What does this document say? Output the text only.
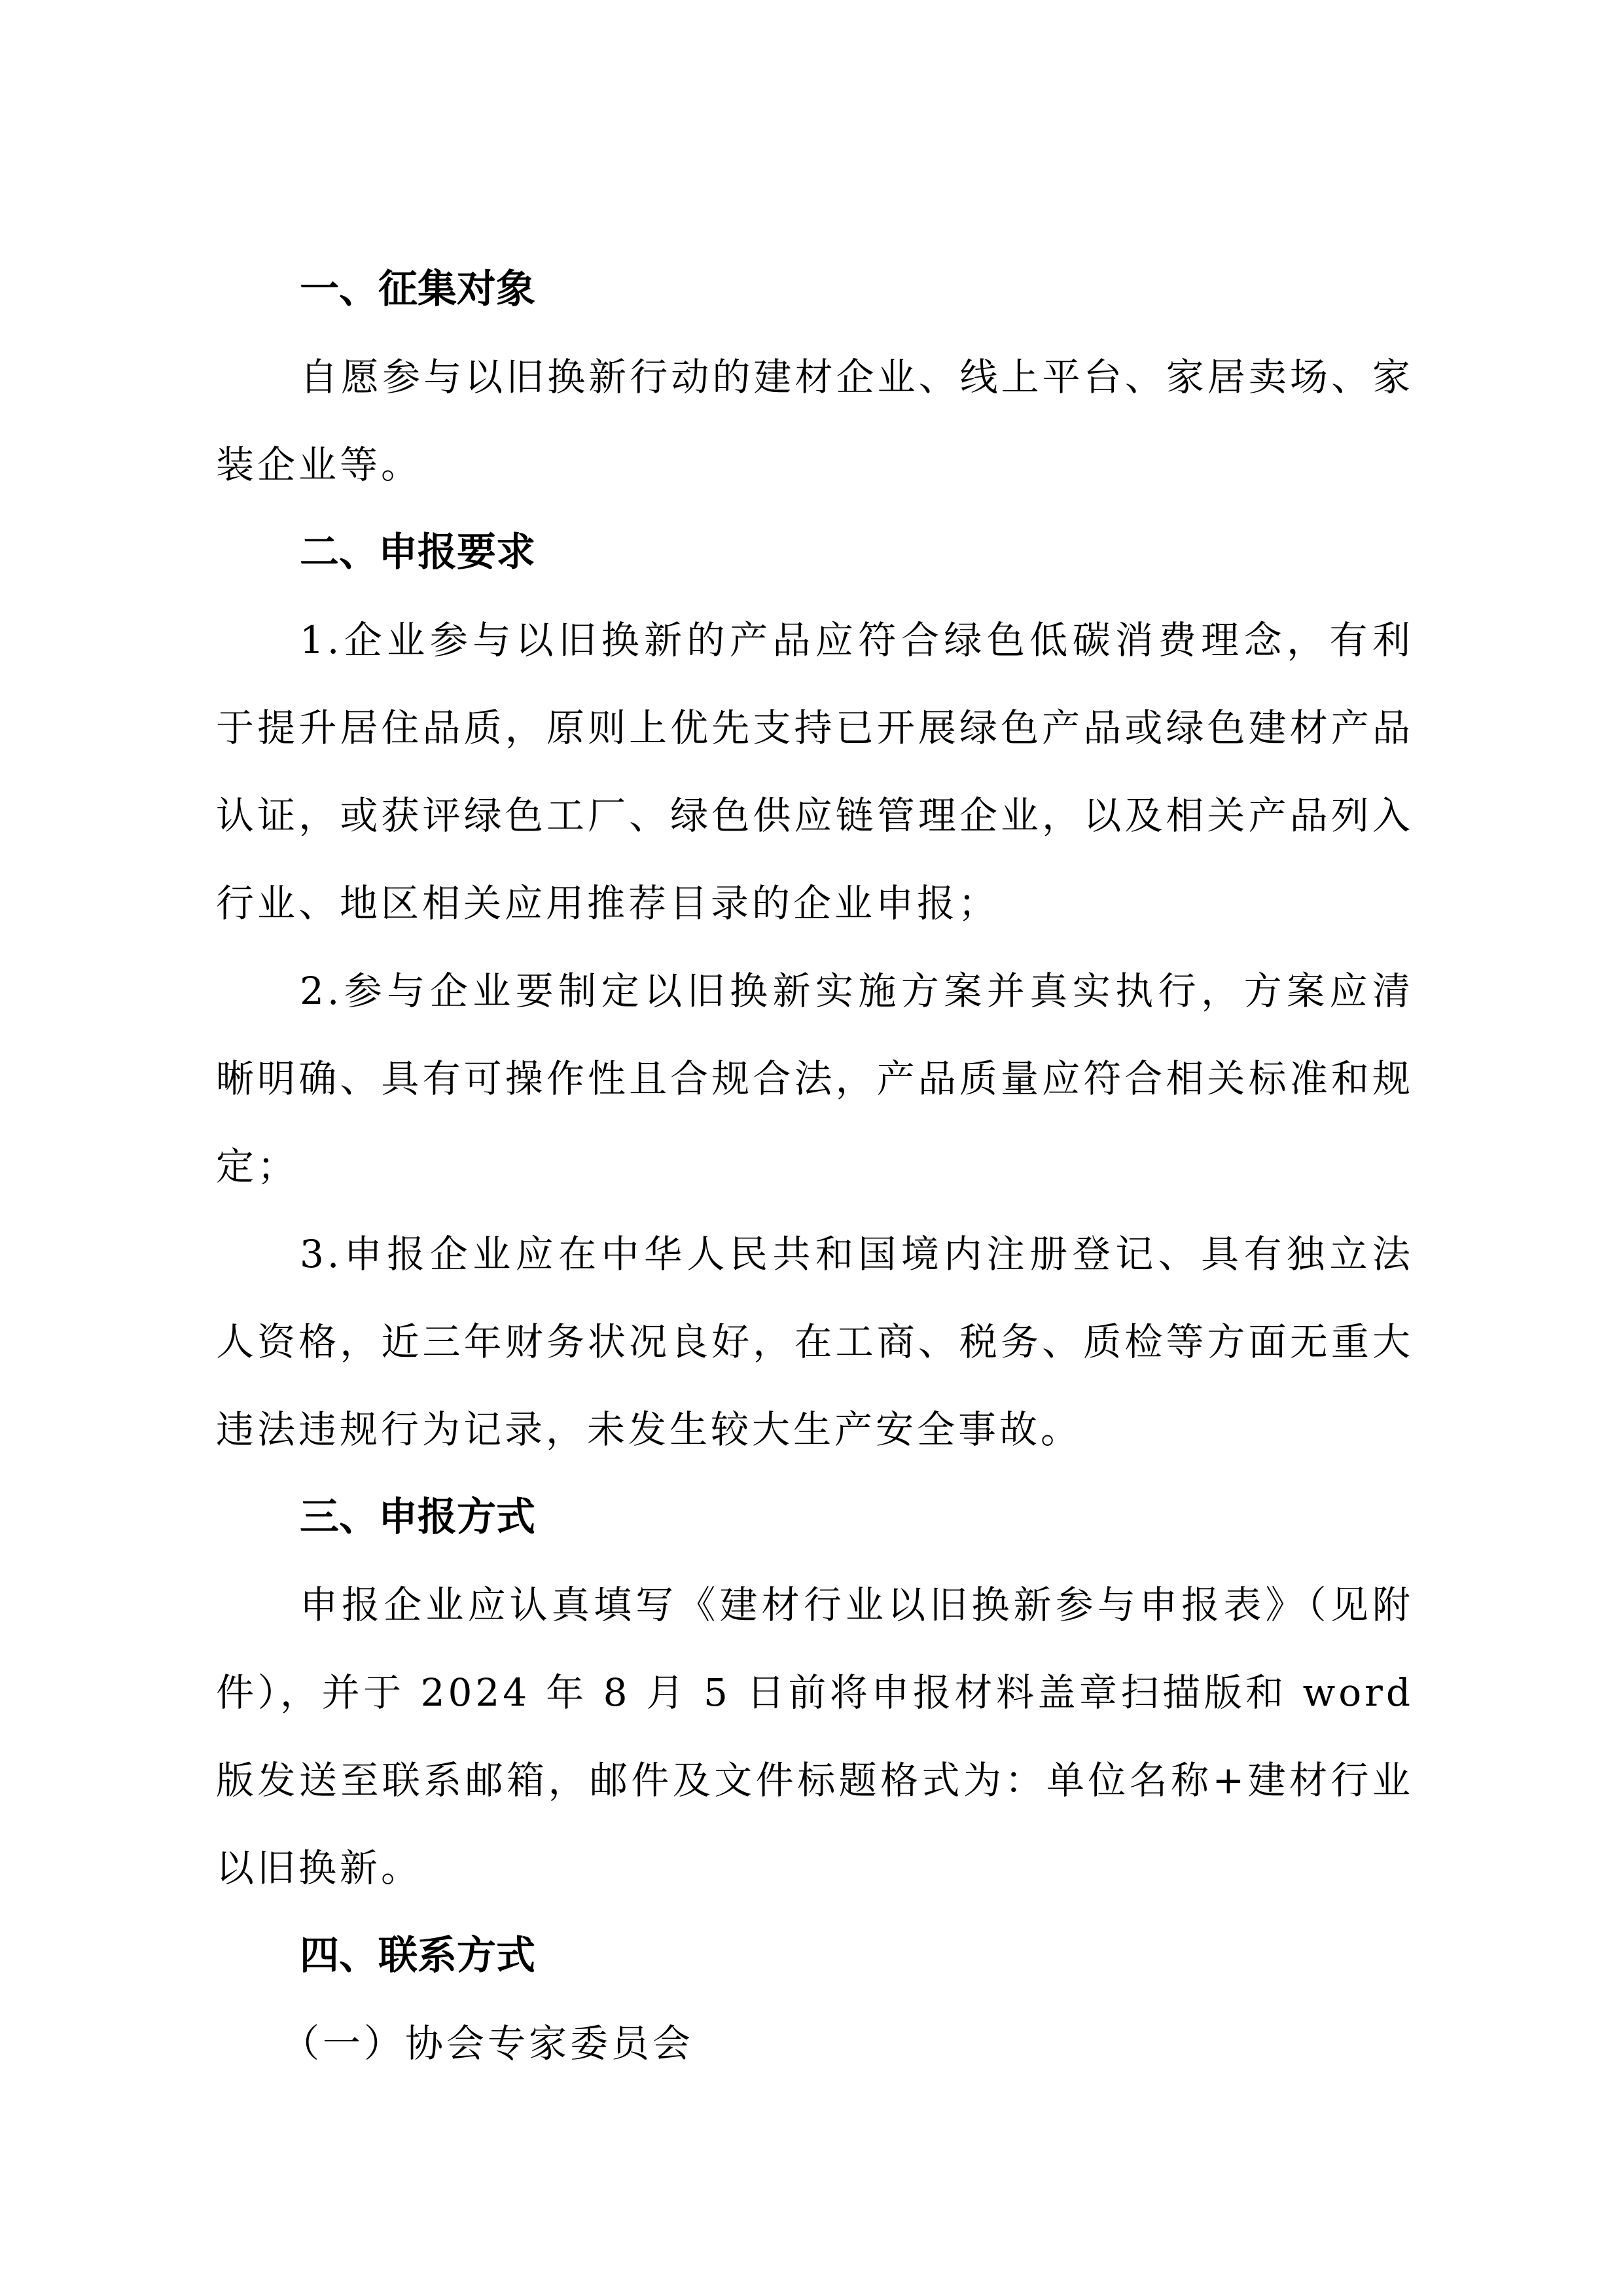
一、征集对象

自愿参与以旧换新行动的建材企业、线上平台、家居卖场、家装企业等。

二、申报要求

1.企业参与以旧换新的产品应符合绿色低碳消费理念，有利于提升居住品质，原则上优先支持已开展绿色产品或绿色建材产品认证，或获评绿色工厂、绿色供应链管理企业，以及相关产品列入行业、地区相关应用推荐目录的企业申报；

2.参与企业要制定以旧换新实施方案并真实执行，方案应清晰明确、具有可操作性且合规合法，产品质量应符合相关标准和规定；

3.申报企业应在中华人民共和国境内注册登记、具有独立法人资格，近三年财务状况良好，在工商、税务、质检等方面无重大违法违规行为记录，未发生较大生产安全事故。

三、申报方式

申报企业应认真填写《建材行业以旧换新参与申报表》（见附件），并于 2024 年 8 月 5 日前将申报材料盖章扫描版和 word 版发送至联系邮箱，邮件及文件标题格式为：单位名称+建材行业以旧换新。

四、联系方式

（一）协会专家委员会
